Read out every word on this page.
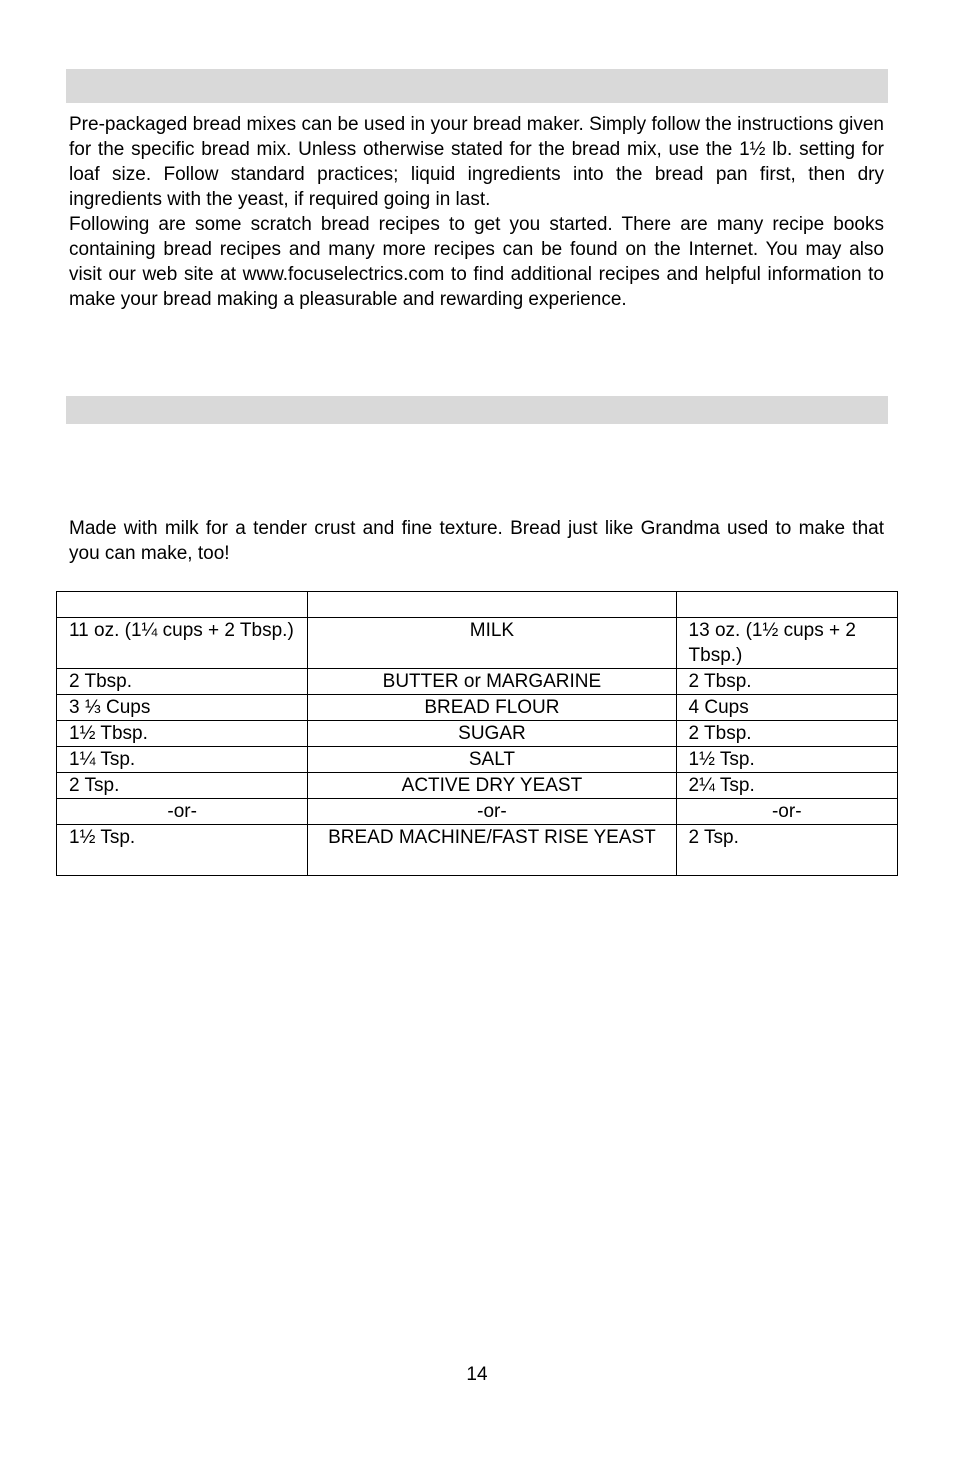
Pre-packaged bread mixes can be used in your bread maker. Simply follow the instructions given for the specific bread mix. Unless otherwise stated for the bread mix, use the 1½ lb. setting for loaf size. Follow standard practices; liquid ingredients into the bread pan first, then dry ingredients with the yeast, if required going in last.

Following are some scratch bread recipes to get you started. There are many recipe books containing bread recipes and many more recipes can be found on the Internet. You may also visit our web site at www.focuselectrics.com to find additional recipes and helpful information to make your bread making a pleasurable and rewarding experience.

Made with milk for a tender crust and fine texture. Bread just like Grandma used to make that you can make, too!

11 oz. (1¼ cups + 2 Tbsp.)	MILK	13 oz. (1½ cups + 2 Tbsp.)
2 Tbsp.	BUTTER or MARGARINE	2 Tbsp.
3 ⅓ Cups	BREAD FLOUR	4 Cups
1½ Tbsp.	SUGAR	2 Tbsp.
1¼ Tsp.	SALT	1½ Tsp.
2 Tsp.	ACTIVE DRY YEAST	2¼ Tsp.
-or-	-or-	-or-
1½ Tsp.	BREAD MACHINE/FAST RISE YEAST	2 Tsp.
14
